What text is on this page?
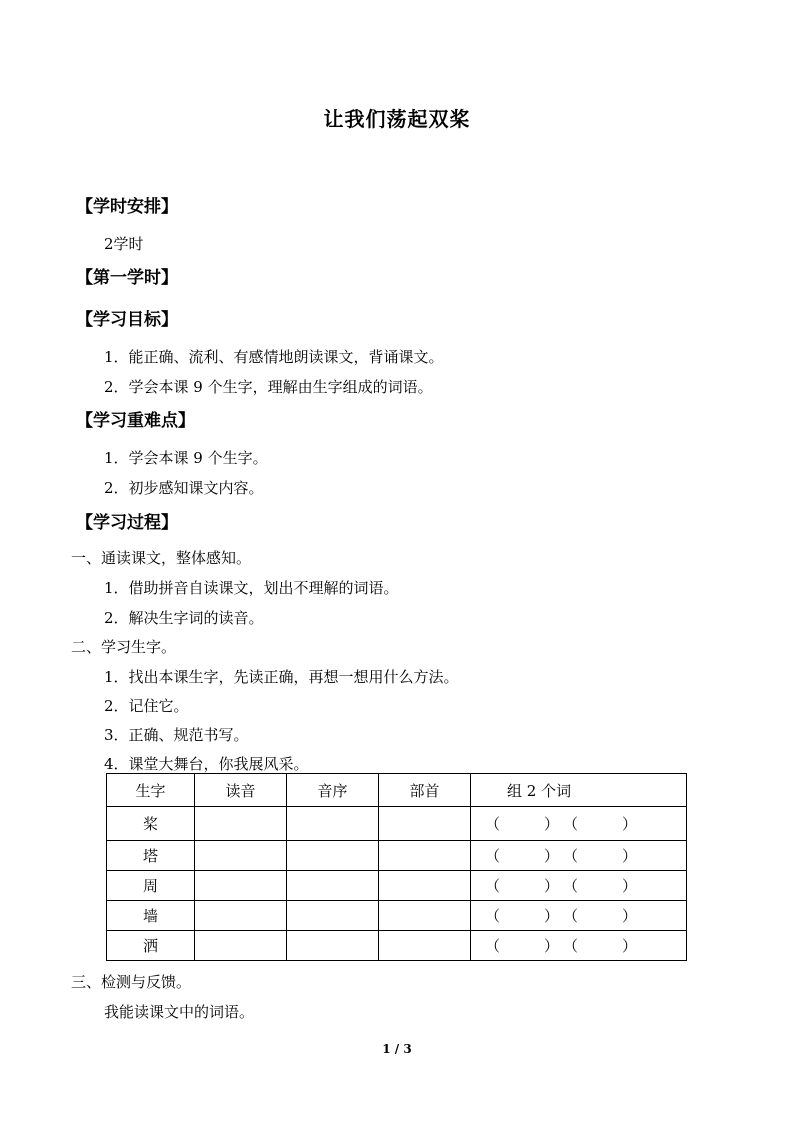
让我们荡起双桨
【学时安排】
2学时
【第一学时】
【学习目标】
1．能正确、流利、有感情地朗读课文，背诵课文。
2．学会本课 9 个生字，理解由生字组成的词语。
【学习重难点】
1．学会本课 9 个生字。
2．初步感知课文内容。
【学习过程】
一、通读课文，整体感知。
1．借助拼音自读课文，划出不理解的词语。
2．解决生字词的读音。
二、学习生字。
1．找出本课生字，先读正确，再想一想用什么方法。
2．记住它。
3．正确、规范书写。
4．课堂大舞台，你我展风采。
生字	读音	音序	部首	组 2 个词
桨				（ ） （ ）
塔				（ ） （ ）
周				（ ） （ ）
墙				（ ） （ ）
洒				（ ） （ ）
三、检测与反馈。
我能读课文中的词语。
1 / 3
